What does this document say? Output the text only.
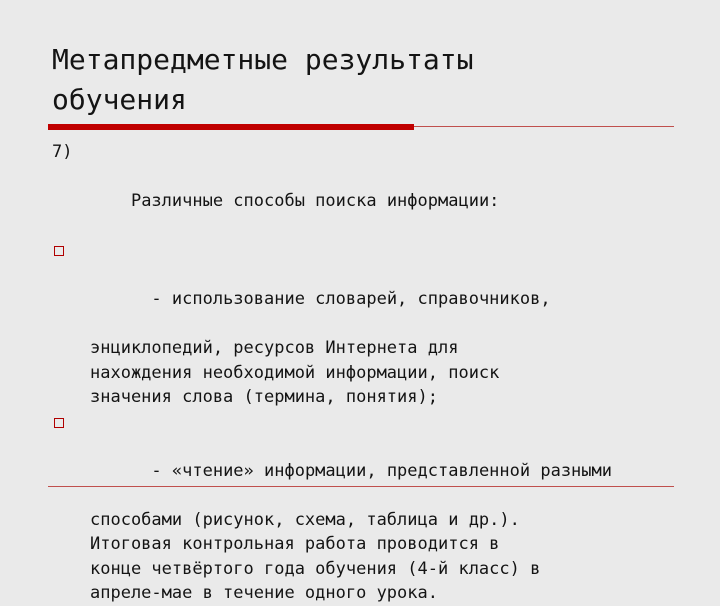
Метапредметные результаты
обучения

7)

Различные способы поиска информации:

- использование словарей, справочников,

энциклопедий, ресурсов Интернета для
нахождения необходимой информации, поиск
значения слова (термина, понятия);

- «чтение» информации, представленной разными

способами (рисунок, схема, таблица и др.).
Итоговая контрольная работа проводится в
конце четвёртого года обучения (4-й класс) в
апреле-мае в течение одного урока.
